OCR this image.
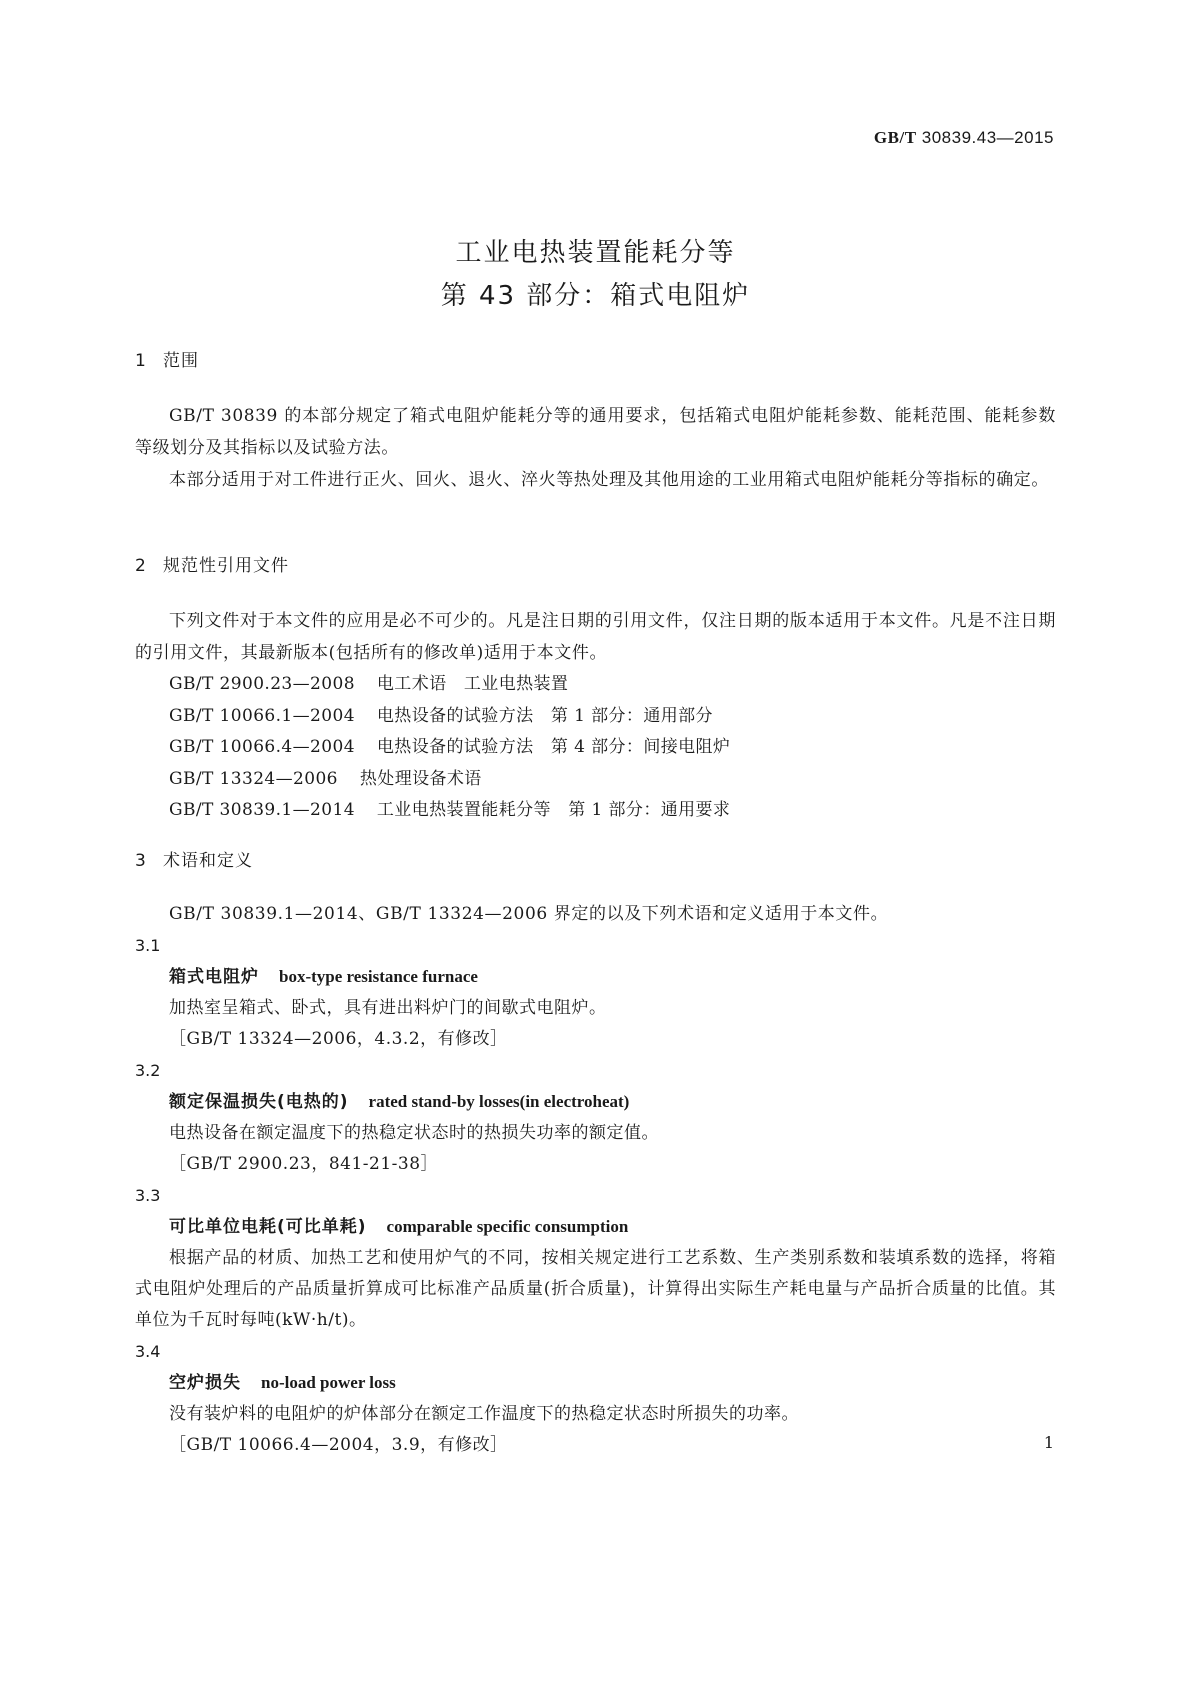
GB/T 30839.43—2015
工业电热装置能耗分等
第 43 部分：箱式电阻炉
1 范围

GB/T 30839 的本部分规定了箱式电阻炉能耗分等的通用要求，包括箱式电阻炉能耗参数、能耗范围、能耗参数等级划分及其指标以及试验方法。

本部分适用于对工件进行正火、回火、退火、淬火等热处理及其他用途的工业用箱式电阻炉能耗分等指标的确定。

2 规范性引用文件

下列文件对于本文件的应用是必不可少的。凡是注日期的引用文件，仅注日期的版本适用于本文件。凡是不注日期的引用文件，其最新版本(包括所有的修改单)适用于本文件。

GB/T 2900.23—2008 电工术语　工业电热装置
GB/T 10066.1—2004 电热设备的试验方法　第 1 部分：通用部分
GB/T 10066.4—2004 电热设备的试验方法　第 4 部分：间接电阻炉
GB/T 13324—2006 热处理设备术语
GB/T 30839.1—2014 工业电热装置能耗分等　第 1 部分：通用要求
3 术语和定义

GB/T 30839.1—2014、GB/T 13324—2006 界定的以及下列术语和定义适用于本文件。

3.1
箱式电阻炉 box-type resistance furnace
加热室呈箱式、卧式，具有进出料炉门的间歇式电阻炉。
［GB/T 13324—2006，4.3.2，有修改］
3.2
额定保温损失(电热的) rated stand-by losses(in electroheat)
电热设备在额定温度下的热稳定状态时的热损失功率的额定值。
［GB/T 2900.23，841-21-38］
3.3
可比单位电耗(可比单耗) comparable specific consumption

根据产品的材质、加热工艺和使用炉气的不同，按相关规定进行工艺系数、生产类别系数和装填系数的选择，将箱式电阻炉处理后的产品质量折算成可比标准产品质量(折合质量)，计算得出实际生产耗电量与产品折合质量的比值。其单位为千瓦时每吨(kW·h/t)。

3.4
空炉损失 no-load power loss
没有装炉料的电阻炉的炉体部分在额定工作温度下的热稳定状态时所损失的功率。
［GB/T 10066.4—2004，3.9，有修改］	1
